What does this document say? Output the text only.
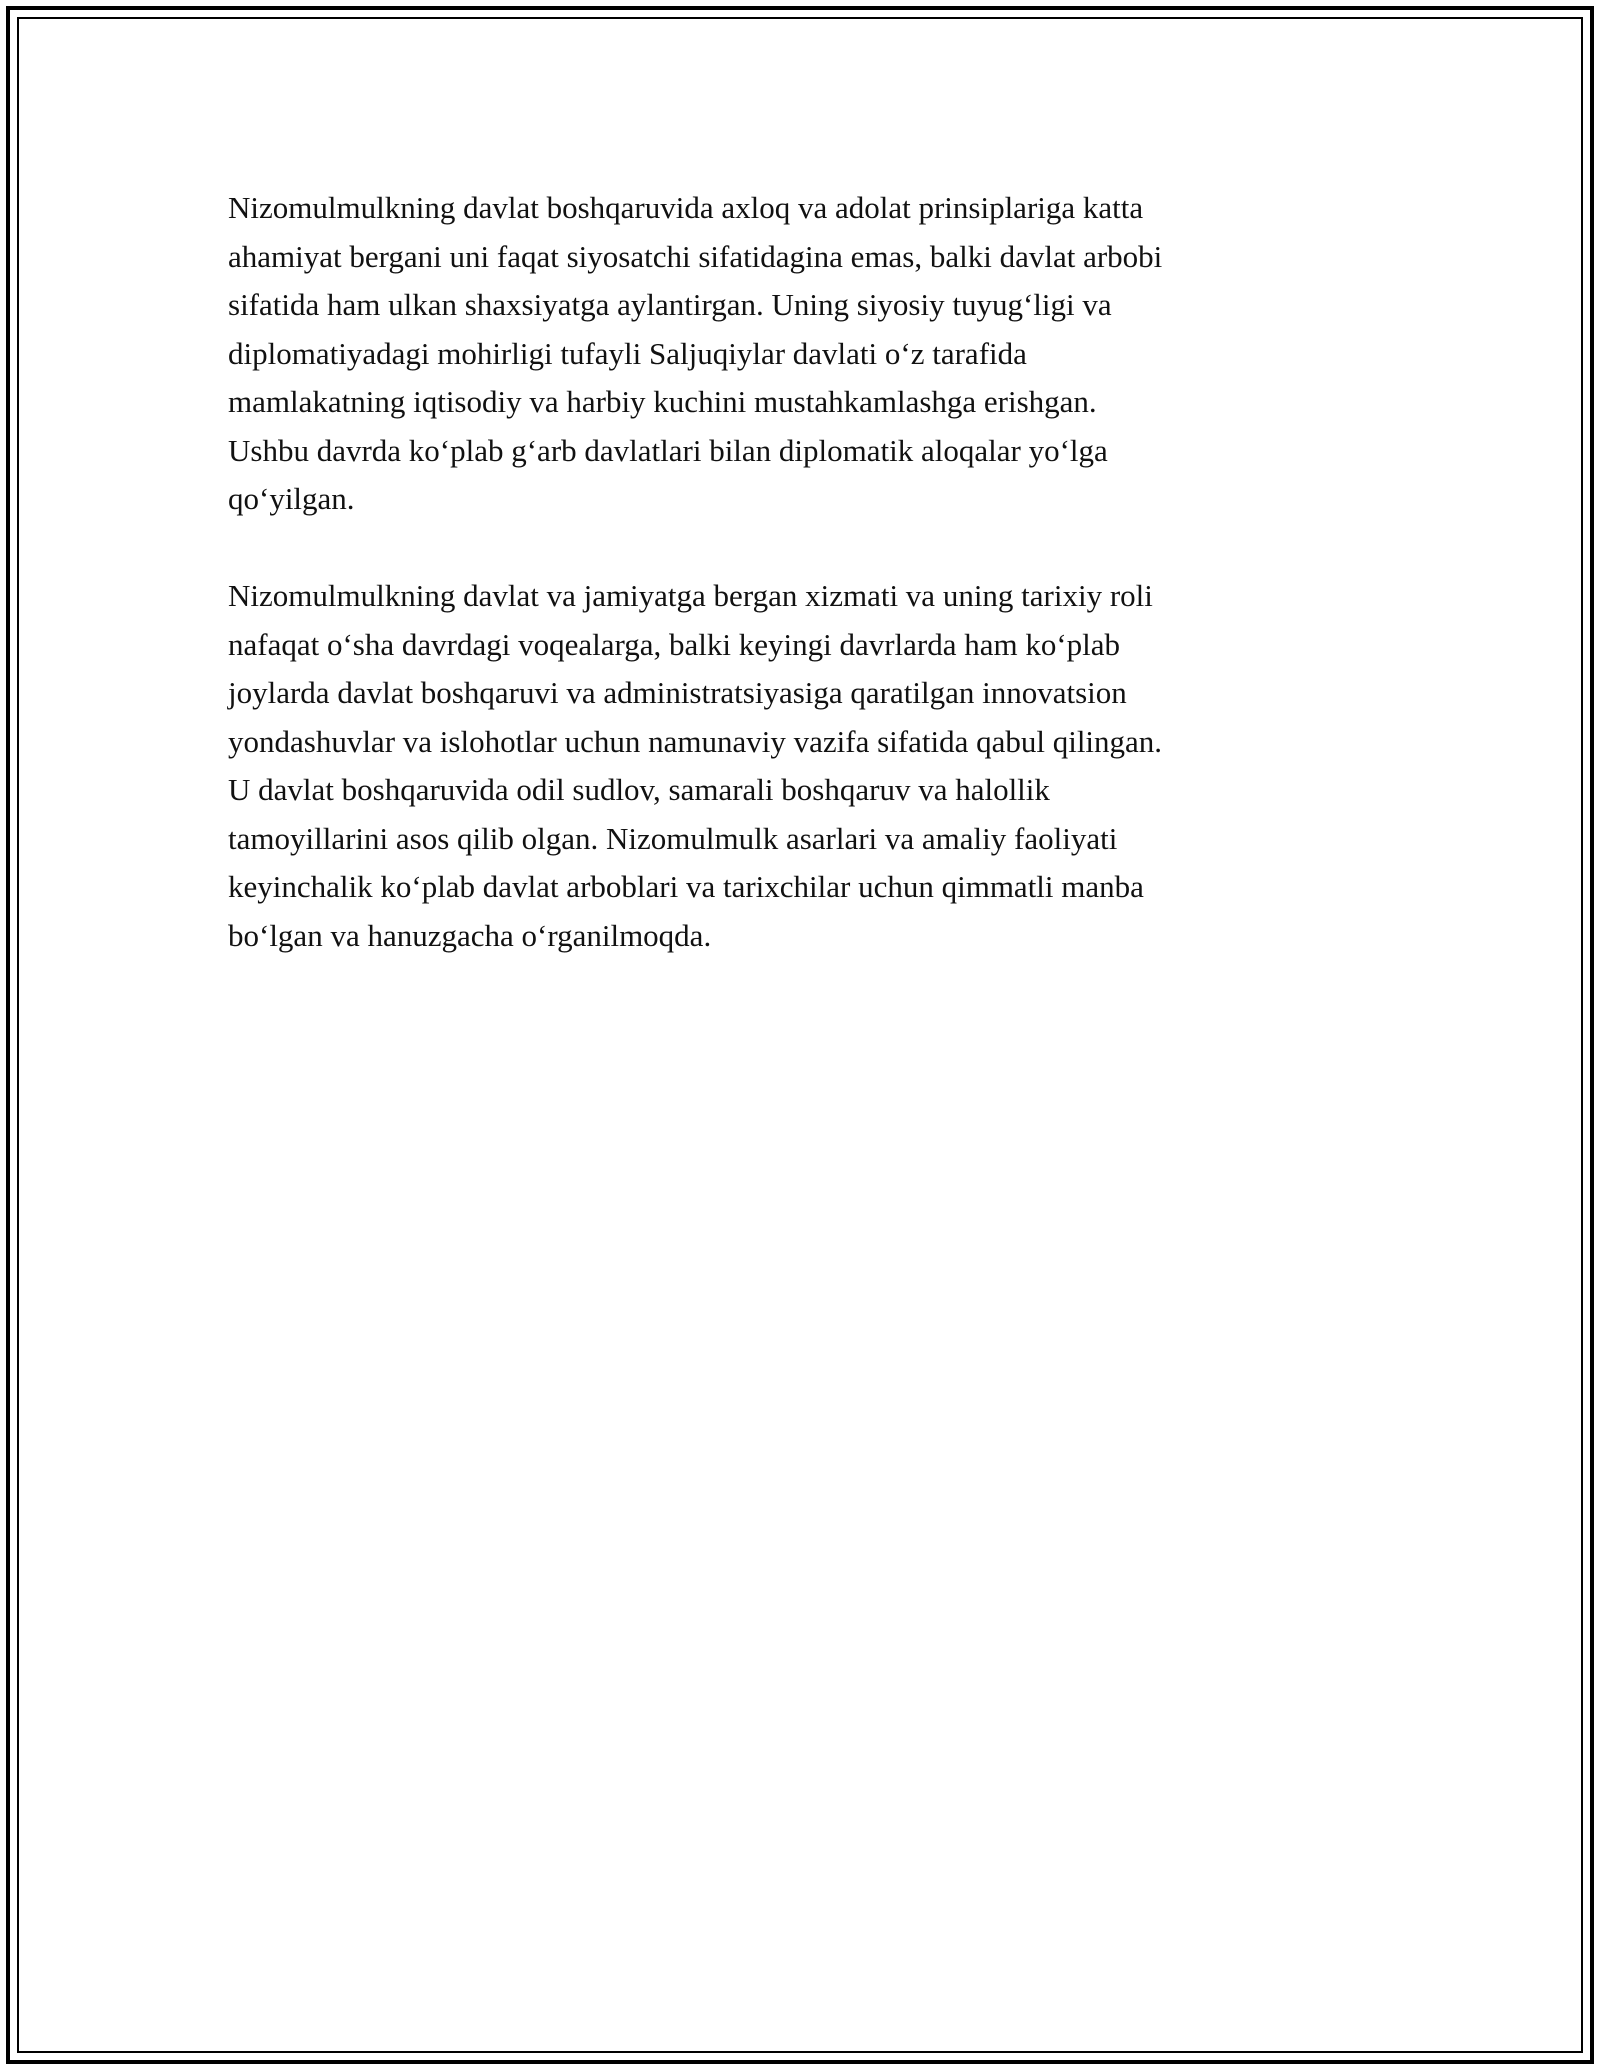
Nizomulmulkning davlat boshqaruvida axloq va adolat prinsiplariga katta
ahamiyat bergani uni faqat siyosatchi sifatidagina emas, balki davlat arbobi
sifatida ham ulkan shaxsiyatga aylantirgan. Uning siyosiy tuyug‘ligi va
diplomatiyadagi mohirligi tufayli Saljuqiylar davlati o‘z tarafida
mamlakatning iqtisodiy va harbiy kuchini mustahkamlashga erishgan.
Ushbu davrda ko‘plab g‘arb davlatlari bilan diplomatik aloqalar yo‘lga
qo‘yilgan.

Nizomulmulkning davlat va jamiyatga bergan xizmati va uning tarixiy roli
nafaqat o‘sha davrdagi voqealarga, balki keyingi davrlarda ham ko‘plab
joylarda davlat boshqaruvi va administratsiyasiga qaratilgan innovatsion
yondashuvlar va islohotlar uchun namunaviy vazifa sifatida qabul qilingan.
U davlat boshqaruvida odil sudlov, samarali boshqaruv va halollik
tamoyillarini asos qilib olgan. Nizomulmulk asarlari va amaliy faoliyati
keyinchalik ko‘plab davlat arboblari va tarixchilar uchun qimmatli manba
bo‘lgan va hanuzgacha o‘rganilmoqda.
